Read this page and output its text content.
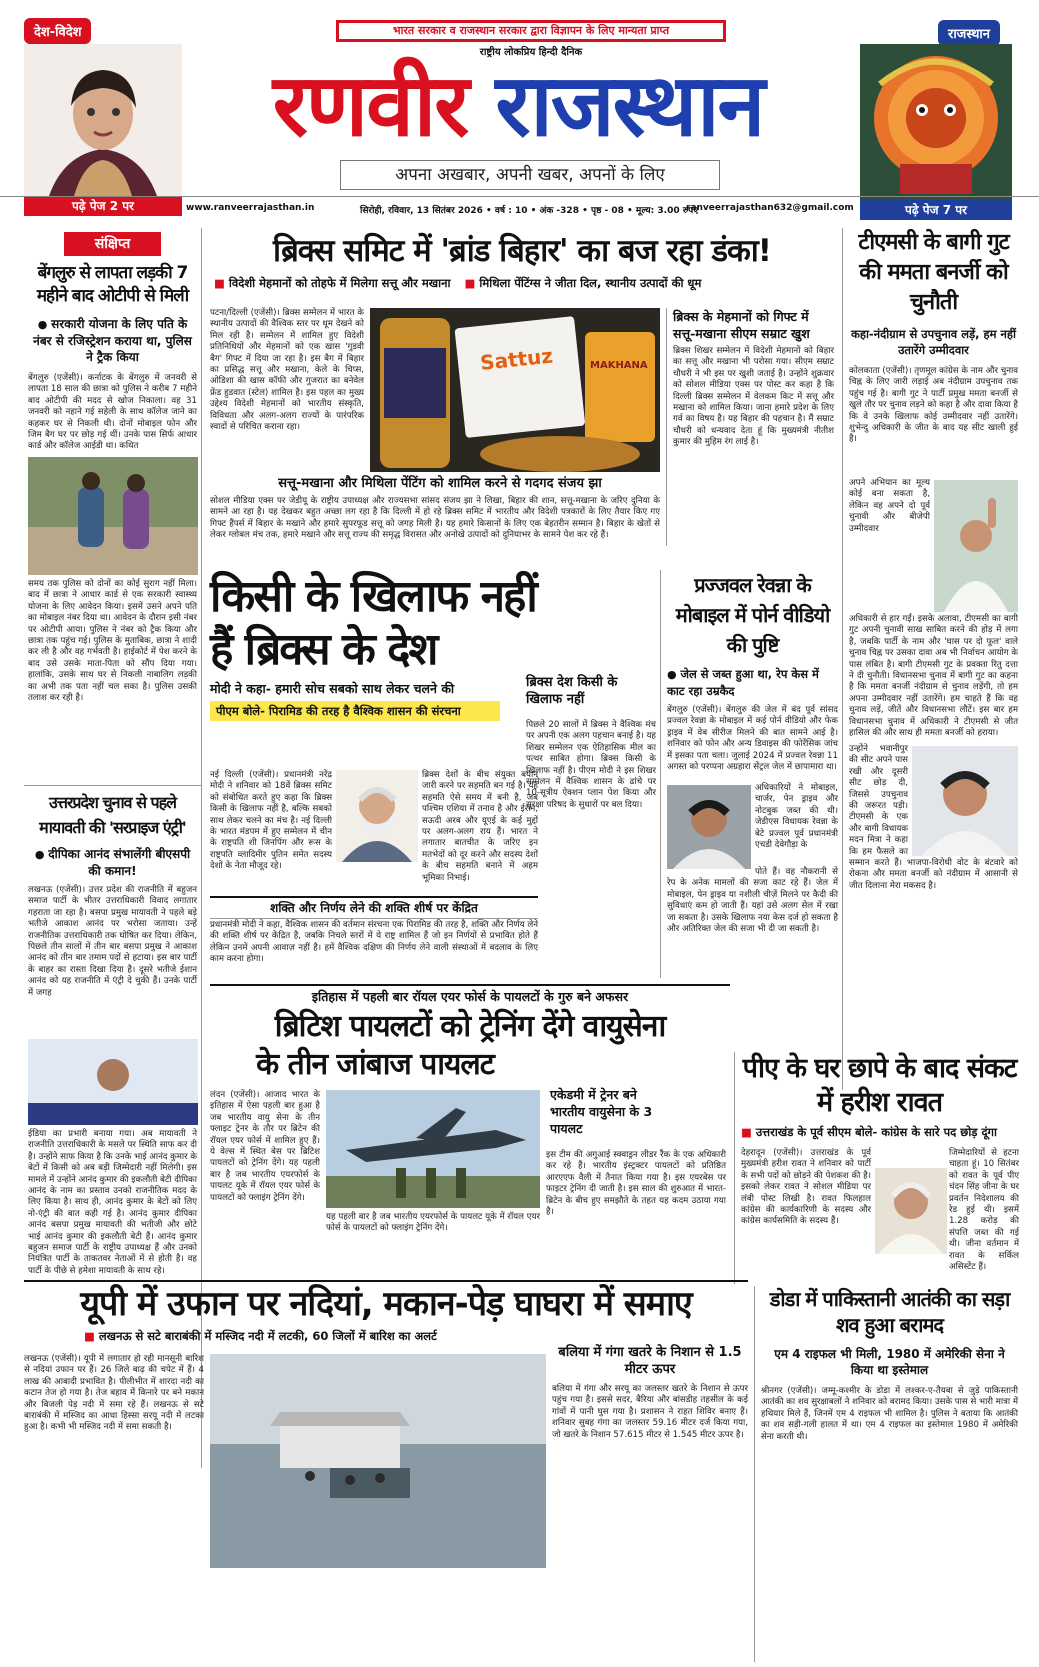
देश-विदेश	राजस्थान
पढ़े पेज 2 पर	पढ़े पेज 7 पर
भारत सरकार व राजस्थान सरकार द्वारा विज्ञापन के लिए मान्यता प्राप्त
राष्ट्रीय लोकप्रिय हिन्दी दैनिक
रणवीर राजस्थान
अपना अखबार, अपनी खबर, अपनों के लिए
www.ranveerrajasthan.in	सिरोही, रविवार, 13 सितंबर 2026 • वर्ष : 10 • अंक -328 • पृष्ठ - 08 • मूल्य: 3.00 रुपए
ranveerrajasthan632@gmail.com
संक्षिप्त
बेंगलुरु से लापता लड़की 7 महीने बाद ओटीपी से मिली
● सरकारी योजना के लिए पति के नंबर से रजिस्ट्रेशन कराया था, पुलिस ने ट्रैक किया
बेंगलुरु (एजेंसी)। कर्नाटक के बेंगलुरु में जनवरी से लापता 18 साल की छात्रा को पुलिस ने करीब 7 महीने बाद ओटीपी की मदद से खोज निकाला। वह 31 जनवरी को नहाने गई सहेली के साथ कॉलेज जाने का कहकर घर से निकली थी। दोनों मोबाइल फोन और जिम बैग घर पर छोड़ गई थीं। उनके पास सिर्फ आधार कार्ड और कॉलेज आईडी था। कथित
समय तक पुलिस को दोनों का कोई सुराग नहीं मिला। बाद में छात्रा ने आधार कार्ड से एक सरकारी स्वास्थ्य योजना के लिए आवेदन किया। इसमें उसने अपने पति का मोबाइल नंबर दिया था। आवेदन के दौरान इसी नंबर पर ओटीपी आया। पुलिस ने नंबर को ट्रैक किया और छात्रा तक पहुंच गई। पुलिस के मुताबिक, छात्रा ने शादी कर ली है और वह गर्भवती है। हाईकोर्ट में पेश करने के बाद उसे उसके माता-पिता को सौंप दिया गया। हालांकि, उसके साथ घर से निकली नाबालिग लड़की का अभी तक पता नहीं चल सका है। पुलिस उसकी तलाश कर रही है।
उत्तरप्रदेश चुनाव से पहले मायावती की 'सरप्राइज एंट्री'
● दीपिका आनंद संभालेंगी बीएसपी की कमान!
लखनऊ (एजेंसी)। उत्तर प्रदेश की राजनीति में बहुजन समाज पार्टी के भीतर उत्तराधिकारी विवाद लगातार गहराता जा रहा है। बसपा प्रमुख मायावती ने पहले बड़े भतीजे आकाश आनंद पर भरोसा जताया। उन्हें राजनीतिक उत्तराधिकारी तक घोषित कर दिया। लेकिन, पिछले तीन सालों में तीन बार बसपा प्रमुख ने आकाश आनंद को तीन बार तमाम पदों से हटाया। इस बार पार्टी के बाहर का रास्ता दिखा दिया है। दूसरे भतीजे ईशान आनंद को यह राजनीति में एंट्री दे चुकी हैं। उनके पार्टी में जगह
ईडिया का प्रभारी बनाया गया। अब मायावती ने राजनीति उत्तराधिकारी के मसले पर स्थिति साफ कर दी है। उन्होंने साफ किया है कि उनके भाई आनंद कुमार के बेटों में किसी को अब बड़ी जिम्मेदारी नहीं मिलेगी। इस मामले में उन्होंने आनंद कुमार की इकलौती बेटी दीपिका आनंद के नाम का प्रस्ताव उनको राजनीतिक मदद के लिए किया है। साथ ही, आनंद कुमार के बेटों को लिए नो-एंट्री की बात कही गई है। आनंद कुमार दीपिका आनंद बसपा प्रमुख मायावती की भतीजी और छोटे भाई आनंद कुमार की इकलौती बेटी हैं। आनंद कुमार बहुजन समाज पार्टी के राष्ट्रीय उपाध्यक्ष हैं और उनको नियंत्रित पार्टी के ताकतवर नेताओं में से होती है। वह पार्टी के पीछे से हमेशा मायावती के साथ रहे।
ब्रिक्स समिट में 'ब्रांड बिहार' का बज रहा डंका!
■ विदेशी मेहमानों को तोहफे में मिलेगा सत्तू और मखाना ■ मिथिला पेंटिंग्स ने जीता दिल, स्थानीय उत्पादों की धूम
पटना/दिल्ली (एजेंसी)। ब्रिक्स सम्मेलन में भारत के स्थानीय उत्पादों की वैश्विक स्तर पर धूम देखने को मिल रही है। सम्मेलन में शामिल हुए विदेशी प्रतिनिधियों और मेहमानों को एक खास 'गुडवी बैग' गिफ्ट में दिया जा रहा है। इस बैग में बिहार का प्रसिद्ध सत्तू और मखाना, केले के चिप्स, ओडिशा की खास कॉफी और गुजरात का बनेवेल फ्रेंड हुडवात (स्टेल) शामिल है। इस पहल का मुख्य उद्देश्य विदेशी मेहमानों को भारतीय संस्कृति, विविधता और अलग-अलग राज्यों के पारंपरिक स्वादों से परिचित कराना रहा।
Sattuz	MAKHANA
ब्रिक्स के मेहमानों को गिफ्ट में सत्तू-मखाना सीएम सम्राट खुश
ब्रिक्स शिखर सम्मेलन में विदेशी मेहमानों को बिहार का सत्तू और मखाना भी परोसा गया। सीएम सम्राट चौधरी ने भी इस पर खुशी जताई है। उन्होंने शुक्रवार को सोशल मीडिया एक्स पर पोस्ट कर कहा है कि दिल्ली ब्रिक्स सम्मेलन में वेलकम किट में सत्तू और मखाना को शामिल किया। जाना हमारे प्रदेश के लिए गर्व का विषय है। यह बिहार की पहचान है। मैं सम्राट चौधरी को धन्यवाद देता हूं कि मुख्यमंत्री नीतीश कुमार की मुहिम रंग लाई है।
सत्तू-मखाना और मिथिला पेंटिंग को शामिल करने से गदगद संजय झा
सोशल मीडिया एक्स पर जेडीयू के राष्ट्रीय उपाध्यक्ष और राज्यसभा सांसद संजय झा ने लिखा, बिहार की शान, सत्तू-मखाना के जरिए दुनिया के सामने आ रहा है। यह देखकर बहुत अच्छा लग रहा है कि दिल्ली में हो रहे ब्रिक्स समिट में भारतीय और विदेशी पत्रकारों के लिए तैयार किए गए गिफ्ट हैंपर्स में बिहार के मखाने और हमारे सुपरफूड सत्तू को जगह मिली है। यह हमारे किसानों के लिए एक बेहतरीन सम्मान है। बिहार के खेतों से लेकर ग्लोबल मंच तक, हमारे मखाने और सत्तू राज्य की समृद्ध विरासत और अनोखे उत्पादों को दुनियाभर के सामने पेश कर रहे हैं।
टीएमसी के बागी गुट की ममता बनर्जी को चुनौती
कहा-नंदीग्राम से उपचुनाव लड़ें, हम नहीं उतारेंगे उम्मीदवार
कोलकाता (एजेंसी)। तृणमूल कांग्रेस के नाम और चुनाव चिह्न के लिए जारी लड़ाई अब नंदीग्राम उपचुनाव तक पहुंच गई है। बागी गुट ने पार्टी प्रमुख ममता बनर्जी से खुले तौर पर चुनाव लड़ने को कहा है और दावा किया है कि वे उनके खिलाफ कोई उम्मीदवार नहीं उतारेंगे। शुभेन्दु अधिकारी के जीत के बाद यह सीट खाली हुई है।
अपने अभियान का मूल्य कोई बना सकता है, लेकिन वह अपने दो पूर्व चुनावी और बीजेपी उम्मीदवार
अधिकारी से हार गईं। इसके अलावा, टीएमसी का बागी गुट अपनी चुनावी साख साबित करने की होड़ में लगा है, जबकि पार्टी के नाम और 'घास पर दो फूल' वाले चुनाव चिह्न पर उसका दावा अब भी निर्वाचन आयोग के पास लंबित है। बागी टीएमसी गुट के प्रवक्ता रितु दत्ता ने दी चुनौती। विधानसभा चुनाव में बागी गुट का कहना है कि ममता बनर्जी नंदीग्राम से चुनाव लड़ेंगी, तो हम अपना उम्मीदवार नहीं उतारेंगे। हम चाहते हैं कि वह चुनाव लड़ें, जीतें और विधानसभा लौटें। इस बार हम विधानसभा चुनाव में अधिकारी ने टीएमसी से जीत हासिल की और साथ ही ममता बनर्जी को हराया।
उन्होंने भवानीपुर की सीट अपने पास रखी और दूसरी सीट छोड़ दी, जिससे उपचुनाव की जरूरत पड़ी। टीएमसी के एक और बागी विधायक मदन मित्रा ने कहा कि हम फैसले का सम्मान करते हैं। भाजपा-विरोधी वोट के बंटवारे को रोकना और ममता बनर्जी को नंदीग्राम में आसानी से जीत दिलाना मेरा मकसद है।
किसी के खिलाफ नहीं
हैं ब्रिक्स के देश
मोदी ने कहा- हमारी सोच सबको साथ लेकर चलने की
पीएम बोले- पिरामिड की तरह है वैश्विक शासन की संरचना
ब्रिक्स देश किसी के खिलाफ नहीं
नई दिल्ली (एजेंसी)। प्रधानमंत्री नरेंद्र मोदी ने शनिवार को 18वें ब्रिक्स समिट को संबोधित करते हुए कहा कि ब्रिक्स किसी के खिलाफ नहीं है, बल्कि सबको साथ लेकर चलने का मंच है। नई दिल्ली के भारत मंडपम में हुए सम्मेलन में चीन के राष्ट्रपति शी जिनपिंग और रूस के राष्ट्रपति व्लादिमीर पुतिन समेत सदस्य देशों के नेता मौजूद रहे।
ब्रिक्स देशों के बीच संयुक्त बयान जारी करने पर सहमति बन गई है। यह सहमति ऐसे समय में बनी है, जब पश्चिम एशिया में तनाव है और ईरान, सऊदी अरब और यूएई के कई मुद्दों पर अलग-अलग राय हैं। भारत ने लगातार बातचीत के जरिए इन मतभेदों को दूर करने और सदस्य देशों के बीच सहमति बनाने में अहम भूमिका निभाई।
शक्ति और निर्णय लेने की शक्ति शीर्ष पर केंद्रित
प्रधानमंत्री मोदी ने कहा, वैश्विक शासन की वर्तमान संरचना एक पिरामिड की तरह है, शक्ति और निर्णय लेने की शक्ति शीर्ष पर केंद्रित है, जबकि निचले स्तरों में ये राष्ट्र शामिल हैं जो इन निर्णयों से प्रभावित होते हैं लेकिन उनमें अपनी आवाज़ नहीं है। हमें वैश्विक दक्षिण की निर्णय लेने वाली संस्थाओं में बदलाव के लिए काम करना होगा।
पिछले 20 सालों में ब्रिक्स ने वैश्विक मंच पर अपनी एक अलग पहचान बनाई है। यह शिखर सम्मेलन एक ऐतिहासिक मील का पत्थर साबित होगा। ब्रिक्स किसी के खिलाफ नहीं है। पीएम मोदी ने इस शिखर सम्मेलन में वैश्विक शासन के ढांचे पर 10-सूत्रीय ऐक्शन प्लान पेश किया और सुरक्षा परिषद के सुधारों पर बल दिया।
प्रज्जवल रेवन्ना के मोबाइल में पोर्न वीडियो की पुष्टि
● जेल से जब्त हुआ था, रेप केस में काट रहा उम्रकैद
बेंगलुरु (एजेंसी)। बेंगलुरु की जेल में बंद पूर्व सांसद प्रज्वल रेवन्ना के मोबाइल में कई पोर्न वीडियो और फेक ड्राइव में वेब सीरीज मिलने की बात सामने आई है। शनिवार को फोन और अन्य डिवाइस की फोरेंसिक जांच में इसका पता चला। जुलाई 2024 में प्रज्वल रेवन्ना 11 अगस्त को परप्पना अग्रहारा सेंट्रल जेल में छापामारा था।
अधिकारियों ने मोबाइल, चार्जर, पेन ड्राइव और नोटबुक जब्त की थी। जेडीएस विधायक रेवन्ना के बेटे प्रज्वल पूर्व प्रधानमंत्री एचडी देवेगौड़ा के
पोते हैं। वह नौकरानी से रेप के अनेक मामलों की सजा काट रहे हैं। जेल में मोबाइल, पेन ड्राइव या नशीली चीज़ें मिलने पर कैदी की सुविधाएं कम हो जाती हैं। यहां उसे अलग सेल में रखा जा सकता है। उसके खिलाफ नया केस दर्ज हो सकता है और अतिरिक्त जेल की सजा भी दी जा सकती है।
इतिहास में पहली बार रॉयल एयर फोर्स के पायलटों के गुरु बने अफसर
ब्रिटिश पायलटों को ट्रेनिंग देंगे वायुसेना
के तीन जांबाज पायलट
लंदन (एजेंसी)। आजाद भारत के इतिहास में ऐसा पहली बार हुआ है जब भारतीय वायु सेना के तीन फ्लाइट ट्रेनर के तौर पर ब्रिटेन की रॉयल एयर फोर्स में शामिल हुए हैं। ये वेल्स में स्थित बेस पर ब्रिटिश पायलटों को ट्रेनिंग देंगे। यह पहली बार है जब भारतीय एयरफोर्स के पायलट यूके में रॉयल एयर फोर्स के पायलटों को फ्लाइंग ट्रेनिंग देंगे।
यह पहली बार है जब भारतीय एयरफोर्स के पायलट यूके में रॉयल एयर फोर्स के पायलटों को फ्लाइंग ट्रेनिंग देंगे।
एकेडमी में ट्रेनर बने भारतीय वायुसेना के 3 पायलट
इस टीम की अगुआई स्क्वाड्रन लीडर रैंक के एक अधिकारी कर रहे हैं। भारतीय इंस्ट्रक्टर पायलटों को प्रतिष्ठित आरएएफ वैली में तैनात किया गया है। इस एयरबेस पर फाइटर ट्रेनिंग दी जाती है। इस साल की शुरुआत में भारत-ब्रिटेन के बीच हुए समझौते के तहत यह कदम उठाया गया है।
पीए के घर छापे के बाद संकट में हरीश रावत
■ उत्तराखंड के पूर्व सीएम बोले- कांग्रेस के सारे पद छोड़ दूंगा
देहरादून (एजेंसी)। उत्तराखंड के पूर्व मुख्यमंत्री हरीश रावत ने शनिवार को पार्टी के सभी पदों को छोड़ने की पेशकश की है। इसको लेकर रावत ने सोशल मीडिया पर लंबी पोस्ट लिखी है। रावत फिलहाल कांग्रेस की कार्यकारिणी के सदस्य और कांग्रेस कार्यसमिति के सदस्य हैं।
जिम्मेदारियों से हटना चाहता हूं। 10 सितंबर को रावत के पूर्व पीए चंदन सिंह जीना के घर प्रवर्तन निदेशालय की रेड हुई थी। इसमें 1.28 करोड़ की संपत्ति जब्त की गई थी। जीना वर्तमान में रावत के सर्किल असिस्टेंट हैं।
यूपी में उफान पर नदियां, मकान-पेड़ घाघरा में समाए
■ लखनऊ से सटे बाराबंकी में मस्जिद नदी में लटकी, 60 जिलों में बारिश का अलर्ट
लखनऊ (एजेंसी)। यूपी में लगातार हो रही मानसूनी बारिश से नदियां उफान पर हैं। 26 जिले बाढ़ की चपेट में हैं। 4 लाख की आबादी प्रभावित है। पीलीभीत में शारदा नदी का कटान तेज हो गया है। तेज बहाव में किनारे पर बने मकान और बिजली पेड़ नदी में समा रहे हैं। लखनऊ से सटे बाराबंकी में मस्जिद का आधा हिस्सा सरयू नदी में लटका हुआ है। कभी भी मस्जिद नदी में समा सकती है।
बलिया में गंगा खतरे के निशान से 1.5 मीटर ऊपर
बलिया में गंगा और सरयू का जलस्तर खतरे के निशान से ऊपर पहुंच गया है। इससे सदर, बैरिया और बांसडीह तहसील के कई गांवों में पानी घुस गया है। प्रशासन ने राहत शिविर बनाए हैं। शनिवार सुबह गंगा का जलस्तर 59.16 मीटर दर्ज किया गया, जो खतरे के निशान 57.615 मीटर से 1.545 मीटर ऊपर है।
डोडा में पाकिस्तानी आतंकी का सड़ा शव हुआ बरामद
एम 4 राइफल भी मिली, 1980 में अमेरिकी सेना ने किया था इस्तेमाल
श्रीनगर (एजेंसी)। जम्मू-कश्मीर के डोडा में लश्कर-ए-तैयबा से जुड़े पाकिस्तानी आतंकी का शव सुरक्षाबलों ने शनिवार को बरामद किया। उसके पास से भारी मात्रा में हथियार मिले हैं, जिनमें एम 4 राइफल भी शामिल है। पुलिस ने बताया कि आतंकी का शव सड़ी-गली हालत में था। एम 4 राइफल का इस्तेमाल 1980 में अमेरिकी सेना करती थी।
